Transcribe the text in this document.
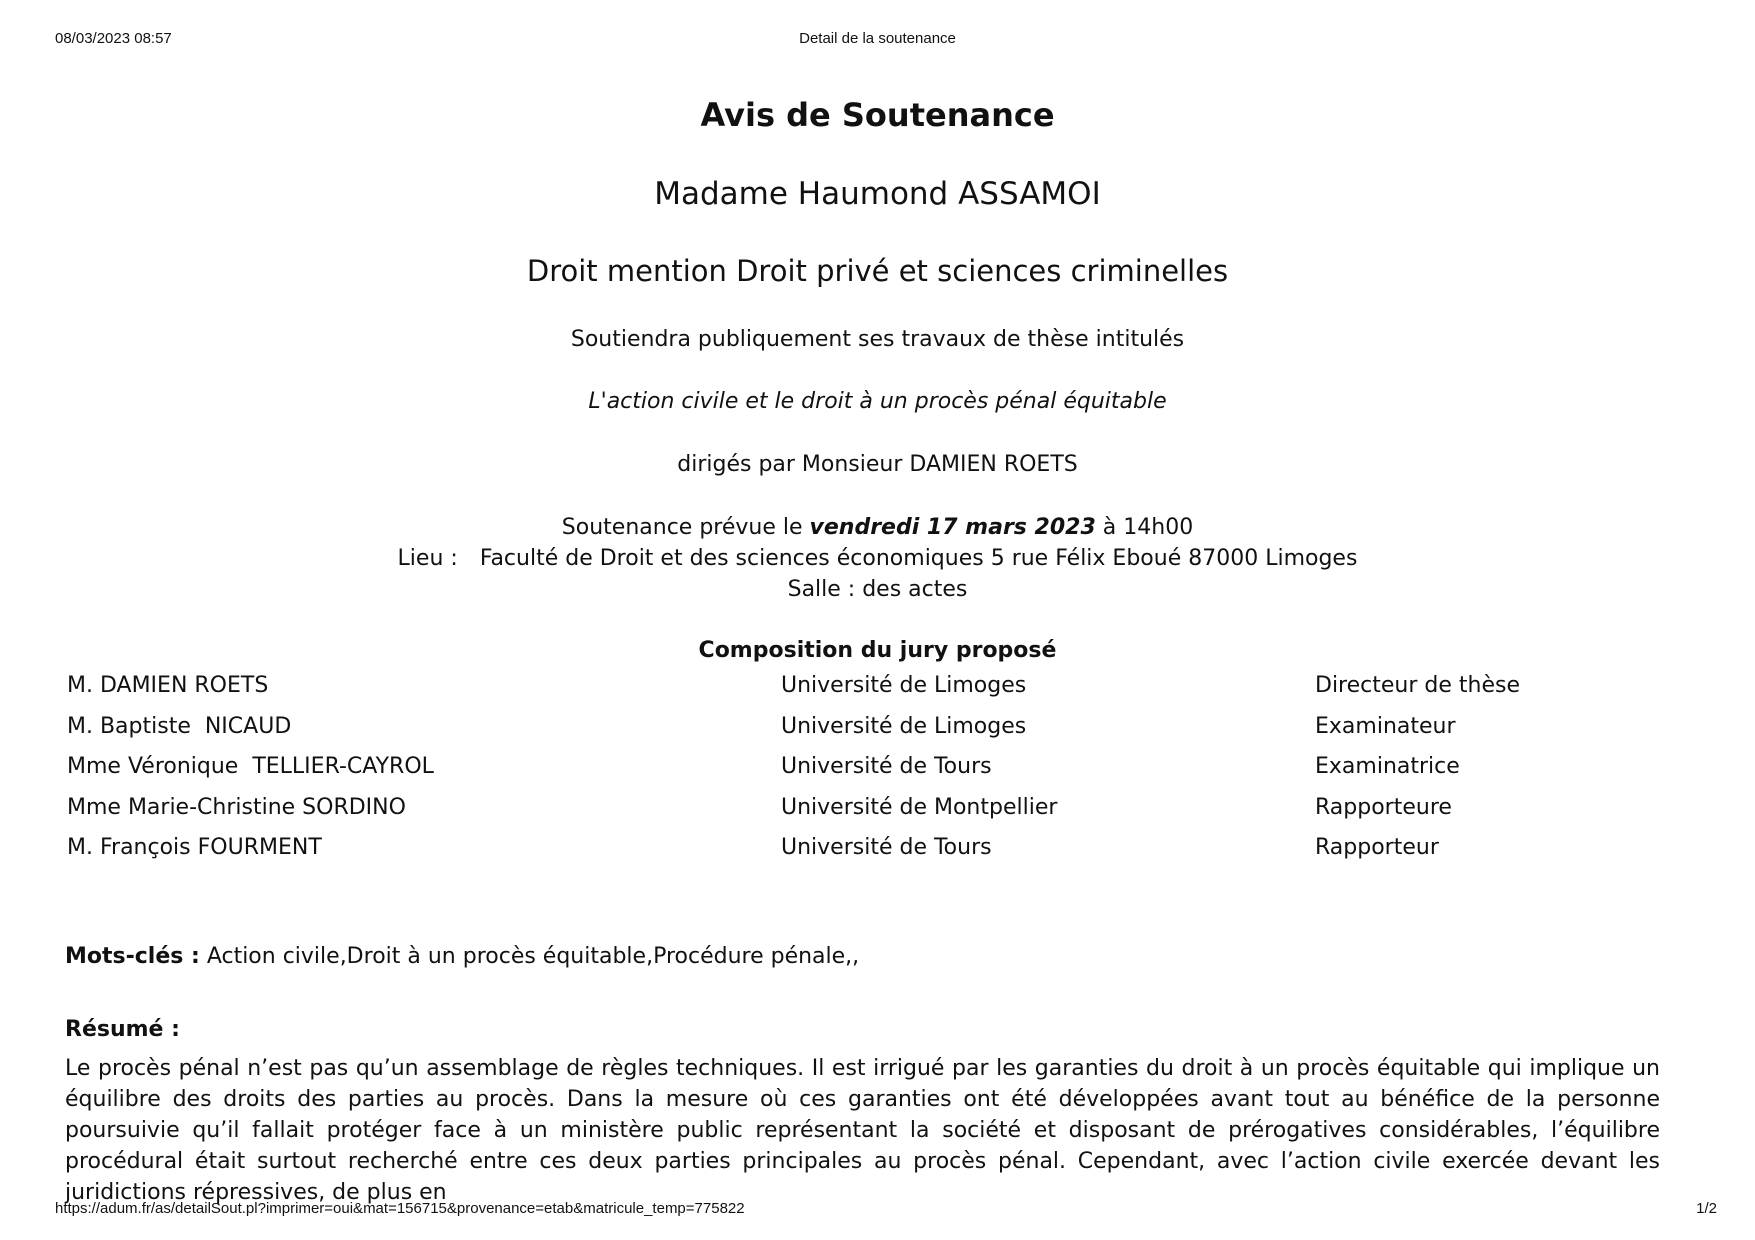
08/03/2023 08:57	Detail de la soutenance
Avis de Soutenance
Madame Haumond ASSAMOI
Droit mention Droit privé et sciences criminelles
Soutiendra publiquement ses travaux de thèse intitulés
L'action civile et le droit à un procès pénal équitable
dirigés par Monsieur DAMIEN ROETS
Soutenance prévue le vendredi 17 mars 2023 à 14h00
Lieu : Faculté de Droit et des sciences économiques 5 rue Félix Eboué 87000 Limoges
Salle : des actes
Composition du jury proposé
M. DAMIEN ROETS	Université de Limoges	Directeur de thèse
M. Baptiste  NICAUD	Université de Limoges	Examinateur
Mme Véronique  TELLIER-CAYROL	Université de Tours	Examinatrice
Mme Marie-Christine SORDINO	Université de Montpellier	Rapporteure
M. François FOURMENT	Université de Tours	Rapporteur
Mots-clés : Action civile,Droit à un procès équitable,Procédure pénale,,
Résumé :
Le procès pénal n’est pas qu’un assemblage de règles techniques. Il est irrigué par les garanties du droit à un procès équitable qui implique un équilibre des droits des parties au procès. Dans la mesure où ces garanties ont été développées avant tout au bénéfice de la personne poursuivie qu’il fallait protéger face à un ministère public représentant la société et disposant de prérogatives considérables, l’équilibre procédural était surtout recherché entre ces deux parties principales au procès pénal. Cependant, avec l’action civile exercée devant les juridictions répressives, de plus en
https://adum.fr/as/detailSout.pl?imprimer=oui&mat=156715&provenance=etab&matricule_temp=775822	1/2
